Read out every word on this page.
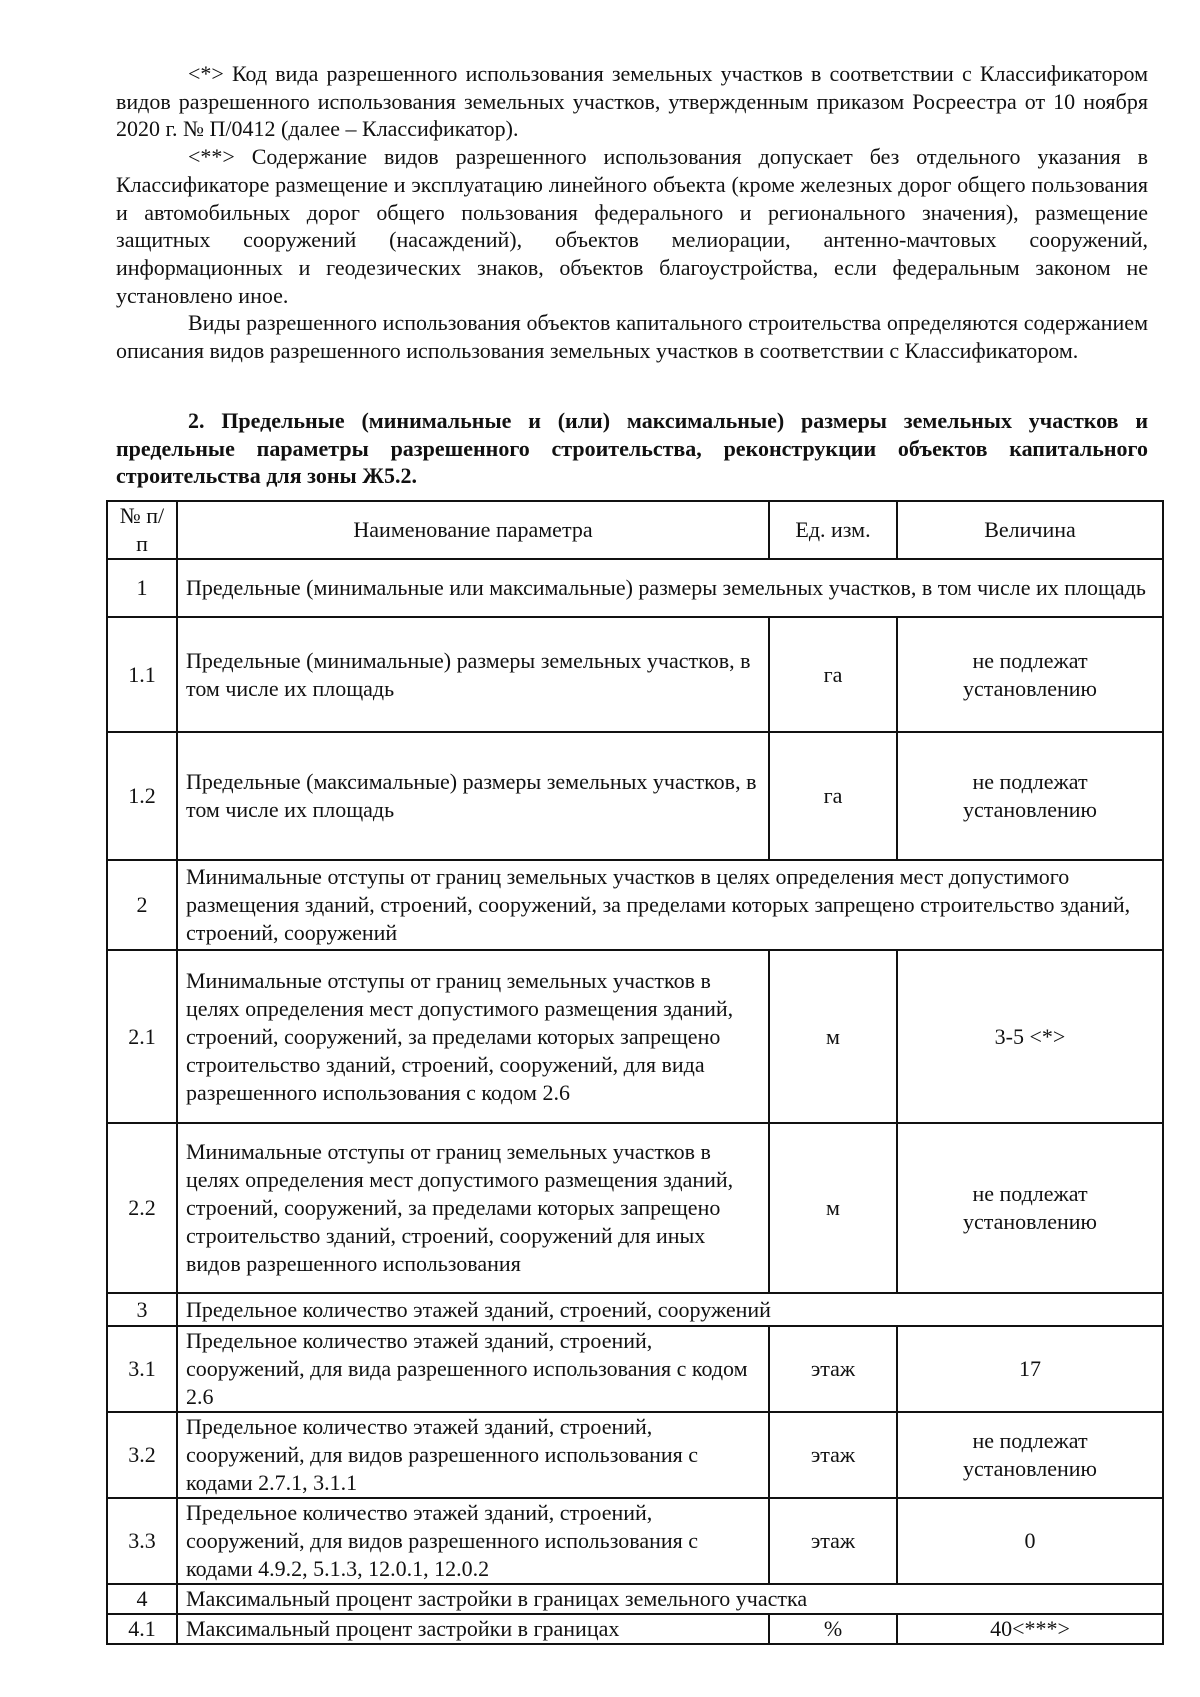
<*> Код вида разрешенного использования земельных участков в соответствии с Классификатором видов разрешенного использования земельных участков, утвержденным приказом Росреестра от 10 ноября 2020 г. № П/0412 (далее – Классификатор).

<**> Содержание видов разрешенного использования допускает без отдельного указания в Классификаторе размещение и эксплуатацию линейного объекта (кроме железных дорог общего пользования и автомобильных дорог общего пользования федерального и регионального значения), размещение защитных сооружений (насаждений), объектов мелиорации, антенно-мачтовых сооружений, информационных и геодезических знаков, объектов благоустройства, если федеральным законом не установлено иное.

Виды разрешенного использования объектов капитального строительства определяются содержанием описания видов разрешенного использования земельных участков в соответствии с Классификатором.

2. Предельные (минимальные и (или) максимальные) размеры земельных участков и предельные параметры разрешенного строительства, реконструкции объектов капитального строительства для зоны Ж5.2.
№ п/п	Наименование параметра	Ед. изм.	Величина
1	Предельные (минимальные или максимальные) размеры земельных участков, в том числе их площадь		
1.1	Предельные (минимальные) размеры земельных участков, в том числе их площадь	га	не подлежат установлению
1.2	Предельные (максимальные) размеры земельных участков, в том числе их площадь	га	не подлежат установлению
2	Минимальные отступы от границ земельных участков в целях определения мест допустимого размещения зданий, строений, сооружений, за пределами которых запрещено строительство зданий, строений, сооружений		
2.1	Минимальные отступы от границ земельных участков в целях определения мест допустимого размещения зданий, строений, сооружений, за пределами которых запрещено строительство зданий, строений, сооружений, для вида разрешенного использования с кодом 2.6	м	3-5 <*>
2.2	Минимальные отступы от границ земельных участков в целях определения мест допустимого размещения зданий, строений, сооружений, за пределами которых запрещено строительство зданий, строений, сооружений для иных видов разрешенного использования	м	не подлежат установлению
3	Предельное количество этажей зданий, строений, сооружений		
3.1	Предельное количество этажей зданий, строений, сооружений, для вида разрешенного использования с кодом 2.6	этаж	17
3.2	Предельное количество этажей зданий, строений, сооружений, для видов разрешенного использования с кодами 2.7.1, 3.1.1	этаж	не подлежат установлению
3.3	Предельное количество этажей зданий, строений, сооружений, для видов разрешенного использования с кодами 4.9.2, 5.1.3, 12.0.1, 12.0.2	этаж	0
4	Максимальный процент застройки в границах земельного участка		
4.1	Максимальный процент застройки в границах	%	40<***>
